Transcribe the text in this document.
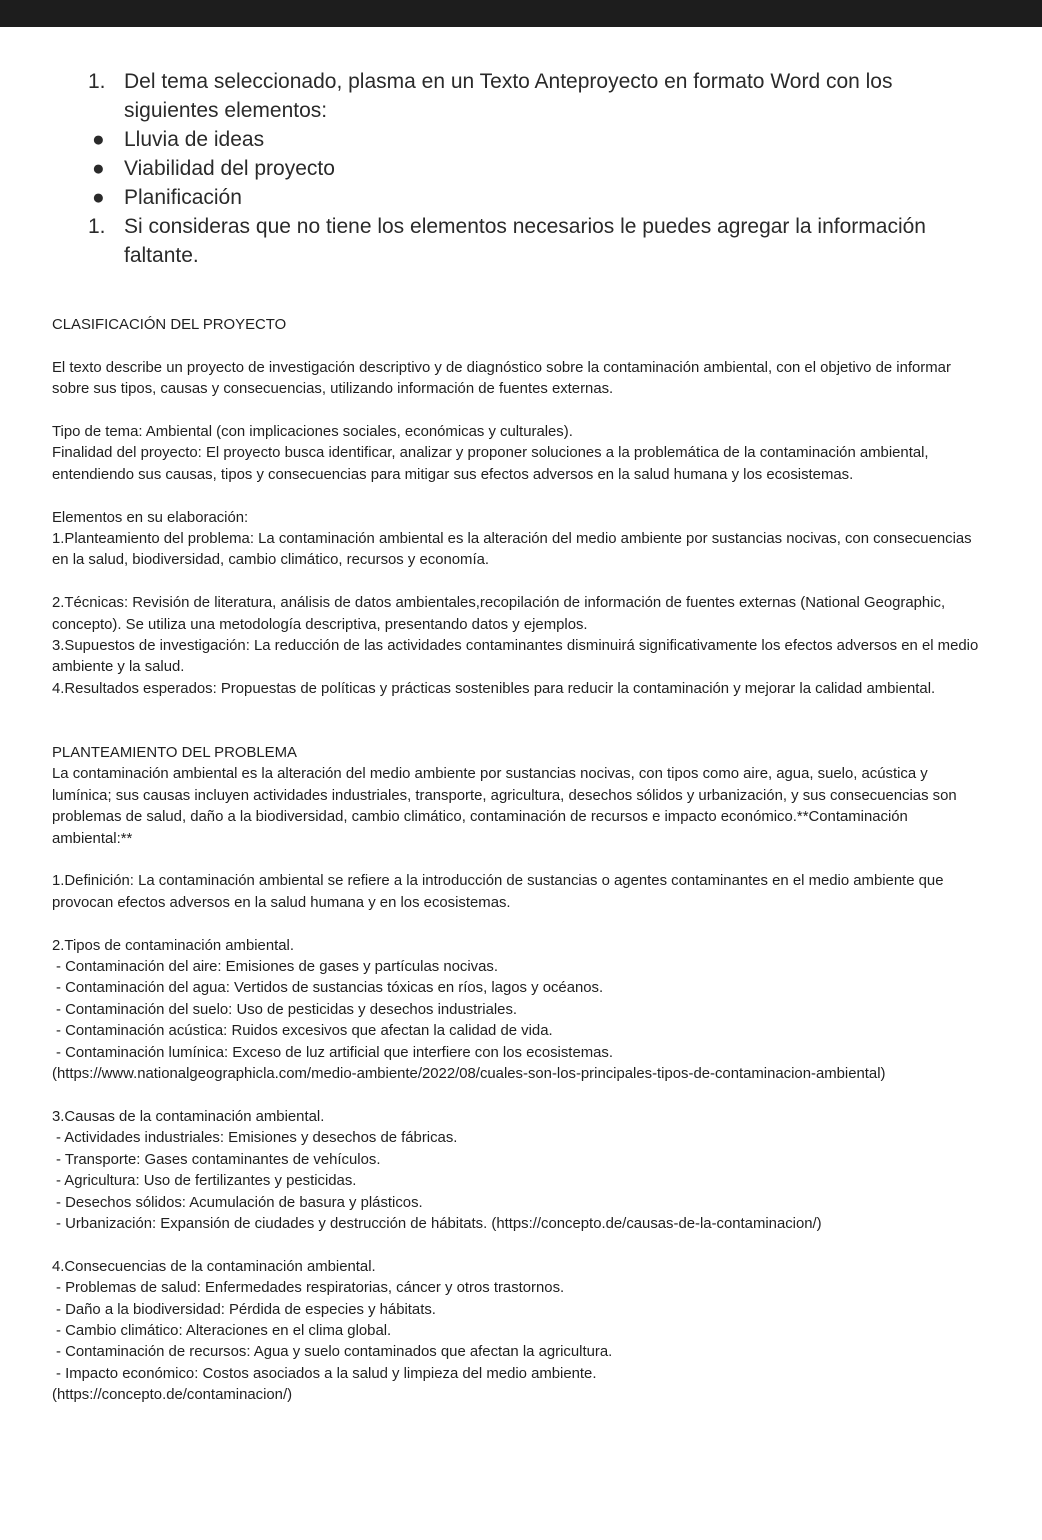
1. Del tema seleccionado, plasma en un Texto Anteproyecto en formato Word con los siguientes elementos:
● Lluvia de ideas
● Viabilidad del proyecto
● Planificación
1. Si consideras que no tiene los elementos necesarios le puedes agregar la información faltante.

CLASIFICACIÓN DEL PROYECTO

El texto describe un proyecto de investigación descriptivo y de diagnóstico sobre la contaminación ambiental, con el objetivo de informar sobre sus tipos, causas y consecuencias, utilizando información de fuentes externas.

Tipo de tema: Ambiental (con implicaciones sociales, económicas y culturales).

Finalidad del proyecto: El proyecto busca identificar, analizar y proponer soluciones a la problemática de la contaminación ambiental, entendiendo sus causas, tipos y consecuencias para mitigar sus efectos adversos en la salud humana y los ecosistemas.

Elementos en su elaboración:

1.Planteamiento del problema: La contaminación ambiental es la alteración del medio ambiente por sustancias nocivas, con consecuencias en la salud, biodiversidad, cambio climático, recursos y economía.

2.Técnicas: Revisión de literatura, análisis de datos ambientales,recopilación de información de fuentes externas (National Geographic, concepto). Se utiliza una metodología descriptiva, presentando datos y ejemplos.

3.Supuestos de investigación: La reducción de las actividades contaminantes disminuirá significativamente los efectos adversos en el medio ambiente y la salud.

4.Resultados esperados: Propuestas de políticas y prácticas sostenibles para reducir la contaminación y mejorar la calidad ambiental.

PLANTEAMIENTO DEL PROBLEMA

La contaminación ambiental es la alteración del medio ambiente por sustancias nocivas, con tipos como aire, agua, suelo, acústica y lumínica; sus causas incluyen actividades industriales, transporte, agricultura, desechos sólidos y urbanización, y sus consecuencias son problemas de salud, daño a la biodiversidad, cambio climático, contaminación de recursos e impacto económico.**Contaminación ambiental:**

1.Definición: La contaminación ambiental se refiere a la introducción de sustancias o agentes contaminantes en el medio ambiente que provocan efectos adversos en la salud humana y en los ecosistemas.

2.Tipos de contaminación ambiental.

- Contaminación del aire: Emisiones de gases y partículas nocivas.

- Contaminación del agua: Vertidos de sustancias tóxicas en ríos, lagos y océanos.

- Contaminación del suelo: Uso de pesticidas y desechos industriales.

- Contaminación acústica: Ruidos excesivos que afectan la calidad de vida.

- Contaminación lumínica: Exceso de luz artificial que interfiere con los ecosistemas.

(https://www.nationalgeographicla.com/medio-ambiente/2022/08/cuales-son-los-principales-tipos-de-contaminacion-ambiental)

3.Causas de la contaminación ambiental.

- Actividades industriales: Emisiones y desechos de fábricas.

- Transporte: Gases contaminantes de vehículos.

- Agricultura: Uso de fertilizantes y pesticidas.

- Desechos sólidos: Acumulación de basura y plásticos.

- Urbanización: Expansión de ciudades y destrucción de hábitats. (https://concepto.de/causas-de-la-contaminacion/)

4.Consecuencias de la contaminación ambiental.

- Problemas de salud: Enfermedades respiratorias, cáncer y otros trastornos.

- Daño a la biodiversidad: Pérdida de especies y hábitats.

- Cambio climático: Alteraciones en el clima global.

- Contaminación de recursos: Agua y suelo contaminados que afectan la agricultura.

- Impacto económico: Costos asociados a la salud y limpieza del medio ambiente.

(https://concepto.de/contaminacion/)
